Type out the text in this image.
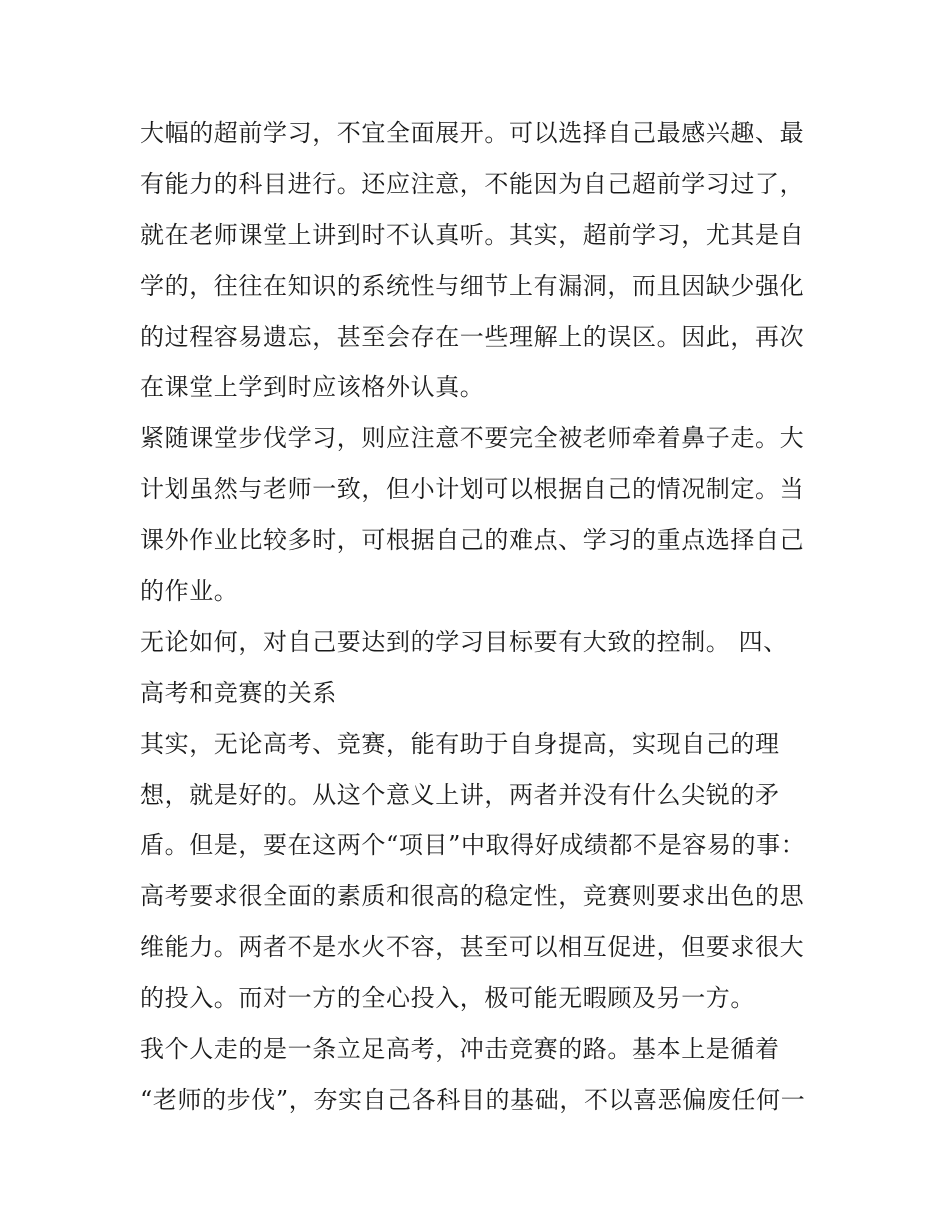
大幅的超前学习，不宜全面展开。可以选择自己最感兴趣、最
有能力的科目进行。还应注意，不能因为自己超前学习过了，
就在老师课堂上讲到时不认真听。其实，超前学习，尤其是自
学的，往往在知识的系统性与细节上有漏洞，而且因缺少强化
的过程容易遗忘，甚至会存在一些理解上的误区。因此，再次
在课堂上学到时应该格外认真。
紧随课堂步伐学习，则应注意不要完全被老师牵着鼻子走。大
计划虽然与老师一致，但小计划可以根据自己的情况制定。当
课外作业比较多时，可根据自己的难点、学习的重点选择自己
的作业。
无论如何，对自己要达到的学习目标要有大致的控制。 四、
高考和竞赛的关系
其实，无论高考、竞赛，能有助于自身提高，实现自己的理
想，就是好的。从这个意义上讲，两者并没有什么尖锐的矛
盾。但是，要在这两个“项目”中取得好成绩都不是容易的事：
高考要求很全面的素质和很高的稳定性，竞赛则要求出色的思
维能力。两者不是水火不容，甚至可以相互促进，但要求很大
的投入。而对一方的全心投入，极可能无暇顾及另一方。
我个人走的是一条立足高考，冲击竞赛的路。基本上是循着
“老师的步伐”，夯实自己各科目的基础，不以喜恶偏废任何一
